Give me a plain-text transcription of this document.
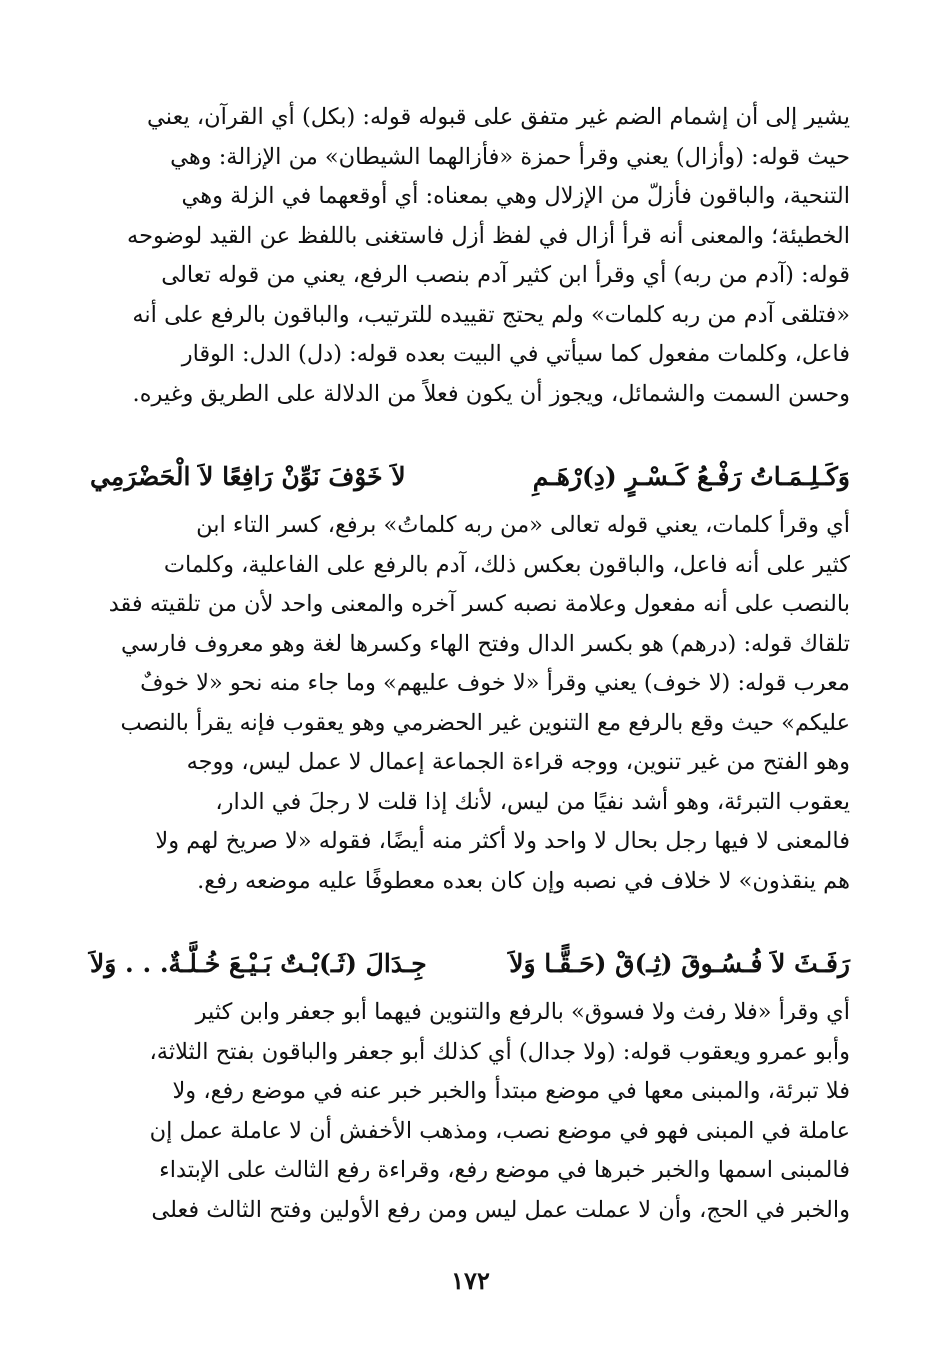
يشير إلى أن إشمام الضم غير متفق على قبوله قوله: (بكل) أي القرآن، يعني
حيث قوله: (وأزال) يعني وقرأ حمزة «فأزالهما الشيطان» من الإزالة: وهي
التنحية، والباقون فأزلّ من الإزلال وهي بمعناه: أي أوقعهما في الزلة وهي
الخطيئة؛ والمعنى أنه قرأ أزال في لفظ أزل فاستغنى باللفظ عن القيد لوضوحه
قوله: (آدم من ربه) أي وقرأ ابن كثير آدم بنصب الرفع، يعني من قوله تعالى
«فتلقى آدم من ربه كلمات» ولم يحتج تقييده للترتيب، والباقون بالرفع على أنه
فاعل، وكلمات مفعول كما سيأتي في البيت بعده قوله: (دل) الدل: الوقار
وحسن السمت والشمائل، ويجوز أن يكون فعلاً من الدلالة على الطريق وغيره.
وَكَـلِـمَـاتُ رَفْـعُ كَـسْـرٍ (دِ)رْهَـمِ
لاَ خَوْفَ نَوِّنْ رَافِعًا لاَ الْحَضْرَمِي
أي وقرأ كلمات، يعني قوله تعالى «من ربه كلماتُ» برفع، كسر التاء ابن
كثير على أنه فاعل، والباقون بعكس ذلك، آدم بالرفع على الفاعلية، وكلمات
بالنصب على أنه مفعول وعلامة نصبه كسر آخره والمعنى واحد لأن من تلقيته فقد
تلقاك قوله: (درهم) هو بكسر الدال وفتح الهاء وكسرها لغة وهو معروف فارسي
معرب قوله: (لا خوف) يعني وقرأ «لا خوف عليهم» وما جاء منه نحو «لا خوفٌ
عليكم» حيث وقع بالرفع مع التنوين غير الحضرمي وهو يعقوب فإنه يقرأ بالنصب
وهو الفتح من غير تنوين، ووجه قراءة الجماعة إعمال لا عمل ليس، ووجه
يعقوب التبرئة، وهو أشد نفيًا من ليس، لأنك إذا قلت لا رجلَ في الدار،
فالمعنى لا فيها رجل بحال لا واحد ولا أكثر منه أيضًا، فقوله «لا صريخ لهم ولا
هم ينقذون» لا خلاف في نصبه وإن كان بعده معطوفًا عليه موضعه رفع.
رَفَـثَ لاَ فُـسُـوقَ (ثِـ)قْ (حَـقًّـا وَلاَ
جِـدَالَ (ثَـ)بْـتٌ بَـيْـعَ خُـلَّـةٌ. . . وَلاَ
أي وقرأ «فلا رفث ولا فسوق» بالرفع والتنوين فيهما أبو جعفر وابن كثير
وأبو عمرو ويعقوب قوله: (ولا جدال) أي كذلك أبو جعفر والباقون بفتح الثلاثة،
فلا تبرئة، والمبنى معها في موضع مبتدأ والخبر خبر عنه في موضع رفع، ولا
عاملة في المبنى فهو في موضع نصب، ومذهب الأخفش أن لا عاملة عمل إن
فالمبنى اسمها والخبر خبرها في موضع رفع، وقراءة رفع الثالث على الإبتداء
والخبر في الحج، وأن لا عملت عمل ليس ومن رفع الأولين وفتح الثالث فعلى
١٧٢
